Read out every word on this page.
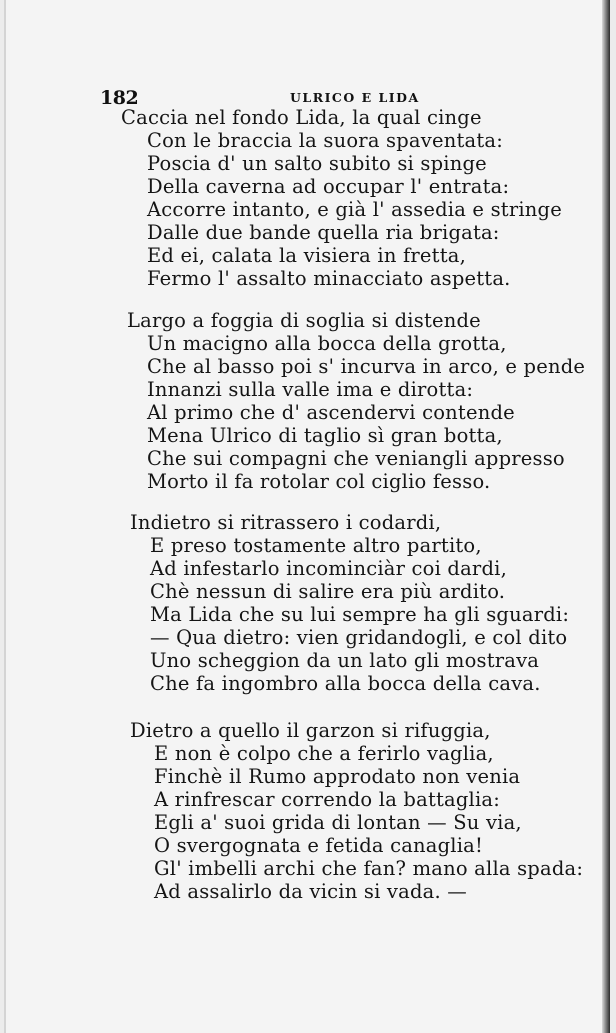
182	ULRICO E LIDA
Caccia nel fondo Lida, la qual cinge
Con le braccia la suora spaventata:
Poscia d' un salto subito si spinge
Della caverna ad occupar l' entrata:
Accorre intanto, e già l' assedia e stringe
Dalle due bande quella ria brigata:
Ed ei, calata la visiera in fretta,
Fermo l' assalto minacciato aspetta.
Largo a foggia di soglia si distende
Un macigno alla bocca della grotta,
Che al basso poi s' incurva in arco, e pende
Innanzi sulla valle ima e dirotta:
Al primo che d' ascendervi contende
Mena Ulrico di taglio sì gran botta,
Che sui compagni che veniangli appresso
Morto il fa rotolar col ciglio fesso.
Indietro si ritrassero i codardi,
E preso tostamente altro partito,
Ad infestarlo incominciàr coi dardi,
Chè nessun di salire era più ardito.
Ma Lida che su lui sempre ha gli sguardi:
— Qua dietro: vien gridandogli, e col dito
Uno scheggion da un lato gli mostrava
Che fa ingombro alla bocca della cava.
Dietro a quello il garzon si rifuggia,
E non è colpo che a ferirlo vaglia,
Finchè il Rumo approdato non venia
A rinfrescar correndo la battaglia:
Egli a' suoi grida di lontan — Su via,
O svergognata e fetida canaglia!
Gl' imbelli archi che fan? mano alla spada:
Ad assalirlo da vicin si vada. —
